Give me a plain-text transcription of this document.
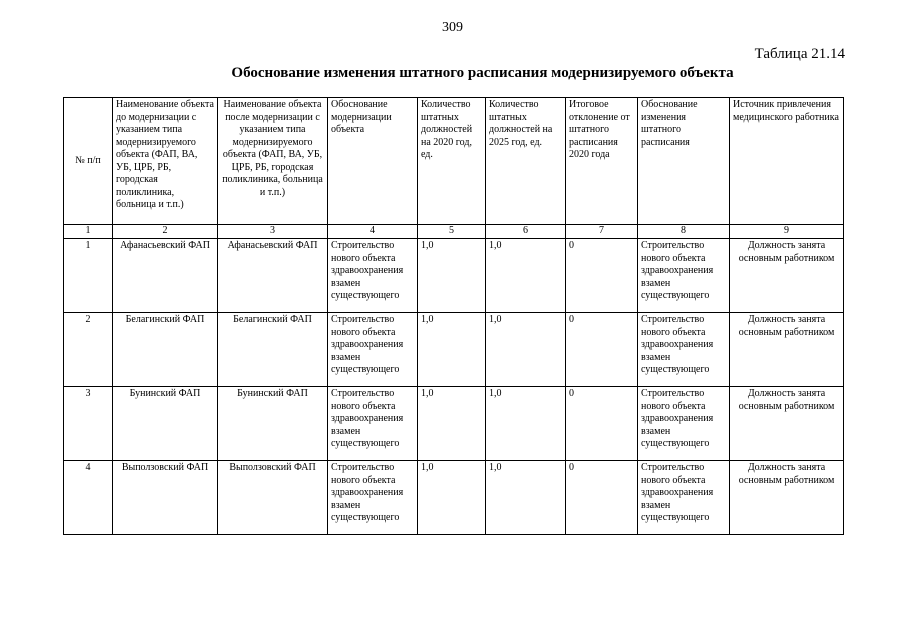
309
Таблица 21.14
Обоснование изменения штатного расписания модернизируемого объекта
№ п/п	Наименование объекта до модернизации с указанием типа модернизируемого объекта (ФАП, ВА, УБ, ЦРБ, РБ, городская поликлиника, больница и т.п.)	Наименование объекта после модернизации с указанием типа модернизируемого объекта (ФАП, ВА, УБ, ЦРБ, РБ, городская поликлиника, больница и т.п.)	Обоснование модернизации объекта	Количество штатных должностей на 2020 год, ед.	Количество штатных должностей на 2025 год, ед.	Итоговое отклонение от штатного расписания 2020 года	Обоснование изменения штатного расписания	Источник привлечения медицинского работника
1	2	3	4	5	6	7	8	9
1	Афанасьевский ФАП	Афанасьевский ФАП	Строительство нового объекта здравоохранения взамен существующего	1,0	1,0	0	Строительство нового объекта здравоохранения взамен существующего	Должность занята основным работником
2	Белагинский ФАП	Белагинский ФАП	Строительство нового объекта здравоохранения взамен существующего	1,0	1,0	0	Строительство нового объекта здравоохранения взамен существующего	Должность занята основным работником
3	Бунинский ФАП	Бунинский ФАП	Строительство нового объекта здравоохранения взамен существующего	1,0	1,0	0	Строительство нового объекта здравоохранения взамен существующего	Должность занята основным работником
4	Выползовский ФАП	Выползовский ФАП	Строительство нового объекта здравоохранения взамен существующего	1,0	1,0	0	Строительство нового объекта здравоохранения взамен существующего	Должность занята основным работником
